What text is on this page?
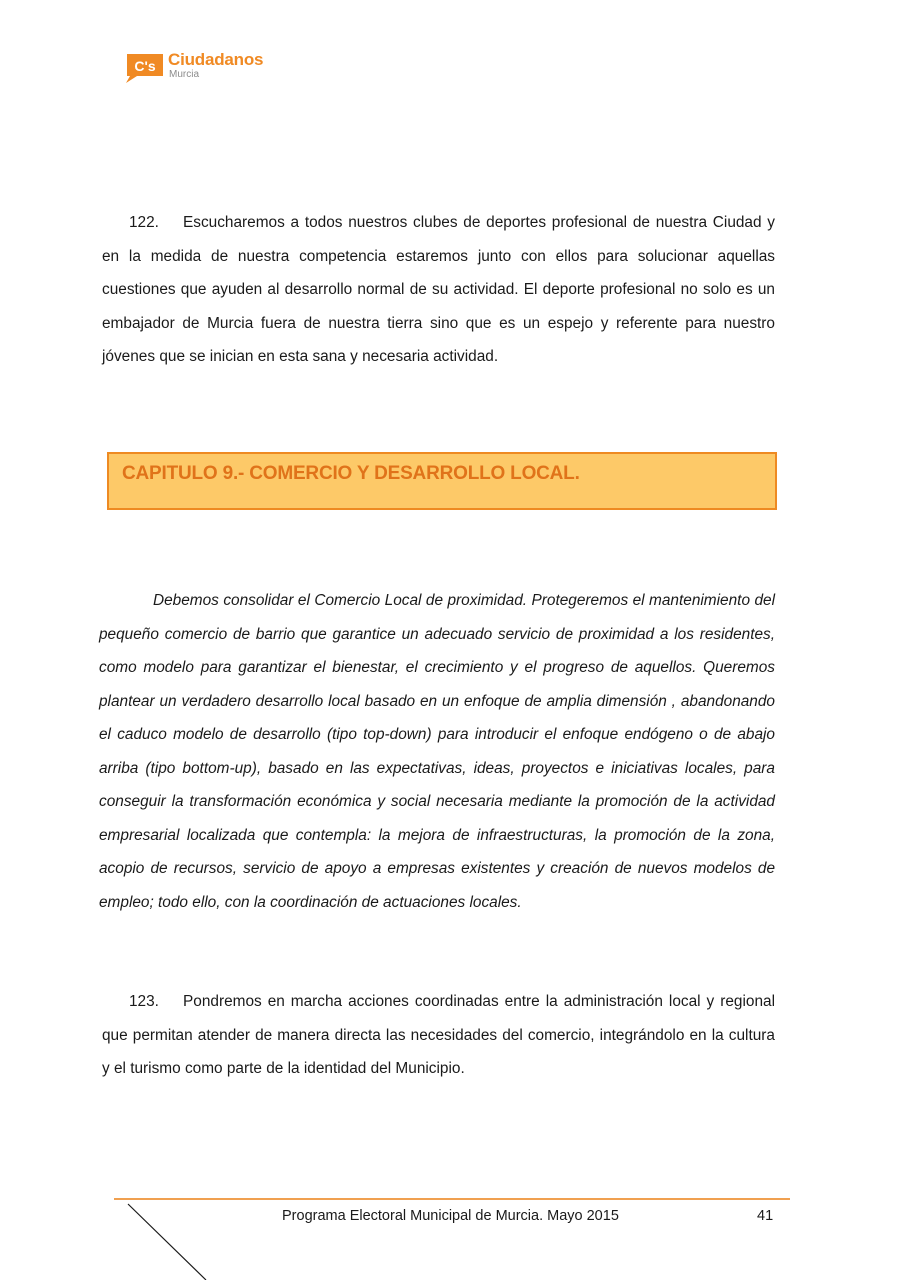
C's Ciudadanos
Murcia
122. Escucharemos a todos nuestros clubes de deportes profesional de nuestra Ciudad y en la medida de nuestra competencia estaremos junto con ellos para solucionar aquellas cuestiones que ayuden al desarrollo normal de su actividad. El deporte profesional no solo es un embajador de Murcia fuera de nuestra tierra sino que es un espejo y referente para nuestro jóvenes que se inician en esta sana y necesaria actividad.
CAPITULO 9.- COMERCIO Y DESARROLLO LOCAL.
Debemos consolidar el Comercio Local de proximidad. Protegeremos el mantenimiento del pequeño comercio de barrio que garantice un adecuado servicio de proximidad a los residentes, como modelo para garantizar el bienestar, el crecimiento y el progreso de aquellos. Queremos plantear un verdadero desarrollo local basado en un enfoque de amplia dimensión , abandonando el caduco modelo de desarrollo (tipo top-down) para introducir el enfoque endógeno o de abajo arriba (tipo bottom-up), basado en las expectativas, ideas, proyectos e iniciativas locales, para conseguir la transformación económica y social necesaria mediante la promoción de la actividad empresarial localizada que contempla: la mejora de infraestructuras, la promoción de la zona, acopio de recursos, servicio de apoyo a empresas existentes y creación de nuevos modelos de empleo; todo ello, con la coordinación de actuaciones locales.
123. Pondremos en marcha acciones coordinadas entre la administración local y regional que permitan atender de manera directa las necesidades del comercio, integrándolo en la cultura y el turismo como parte de la identidad del Municipio.
Programa Electoral Municipal de Murcia. Mayo 2015	41
